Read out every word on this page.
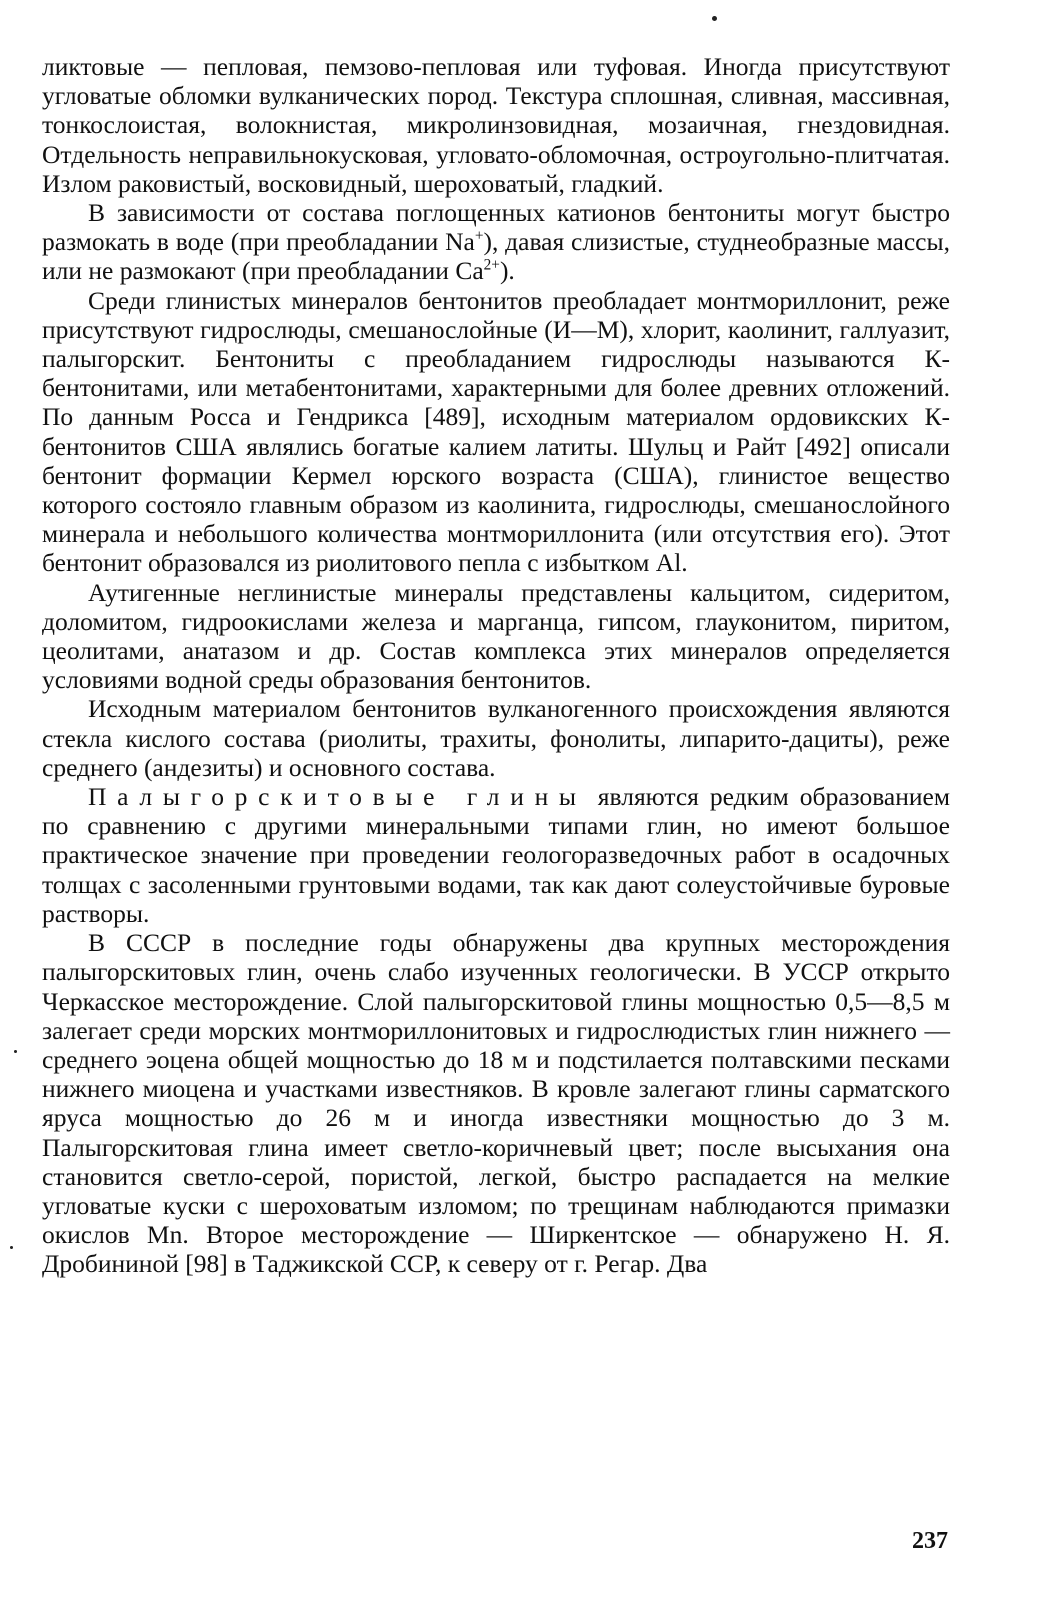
ликтовые — пепловая, пемзово-пепловая или туфовая. Иногда присутствуют угловатые обломки вулканических пород. Текстура сплошная, сливная, массивная, тонкослоистая, волокнистая, микролинзовидная, мозаичная, гнездовидная. Отдельность неправильнокусковая, угловато-обломочная, остроугольно-плитчатая. Излом раковистый, восковидный, шероховатый, гладкий.

В зависимости от состава поглощенных катионов бентониты могут быстро размокать в воде (при преобладании Na+), давая слизистые, студнеобразные массы, или не размокают (при преобладании $Ca^{2+}$).

Среди глинистых минералов бентонитов преобладает монтмориллонит, реже присутствуют гидрослюды, смешанослойные (И—М), хлорит, каолинит, галлуазит, палыгорскит. Бентониты с преобладанием гидрослюды называются К-бентонитами, или метабентонитами, характерными для более древних отложений. По данным Росса и Гендрикса [489], исходным материалом ордовикских К-бентонитов США являлись богатые калием латиты. Шульц и Райт [492] описали бентонит формации Кермел юрского возраста (США), глинистое вещество которого состояло главным образом из каолинита, гидрослюды, смешанослойного минерала и небольшого количества монтмориллонита (или отсутствия его). Этот бентонит образовался из риолитового пепла с избытком Al.

Аутигенные неглинистые минералы представлены кальцитом, сидеритом, доломитом, гидроокислами железа и марганца, гипсом, глауконитом, пиритом, цеолитами, анатазом и др. Состав комплекса этих минералов определяется условиями водной среды образования бентонитов.

Исходным материалом бентонитов вулканогенного происхождения являются стекла кислого состава (риолиты, трахиты, фонолиты, липарито-дациты), реже среднего (андезиты) и основного состава.

Палыгорскитовые глины являются редким образованием по сравнению с другими минеральными типами глин, но имеют большое практическое значение при проведении геологоразведочных работ в осадочных толщах с засоленными грунтовыми водами, так как дают солеустойчивые буровые растворы.

В СССР в последние годы обнаружены два крупных месторождения палыгорскитовых глин, очень слабо изученных геологически. В УССР открыто Черкасское месторождение. Слой палыгорскитовой глины мощностью 0,5—8,5 м залегает среди морских монтмориллонитовых и гидрослюдистых глин нижнего — среднего эоцена общей мощностью до 18 м и подстилается полтавскими песками нижнего миоцена и участками известняков. В кровле залегают глины сарматского яруса мощностью до 26 м и иногда известняки мощностью до 3 м. Палыгорскитовая глина имеет светло-коричневый цвет; после высыхания она становится светло-серой, пористой, легкой, быстро распадается на мелкие угловатые куски с шероховатым изломом; по трещинам наблюдаются примазки окислов Mn. Второе месторождение — Ширкентское — обнаружено Н. Я. Дробининой [98] в Таджикской ССР, к северу от г. Регар. Два

237
